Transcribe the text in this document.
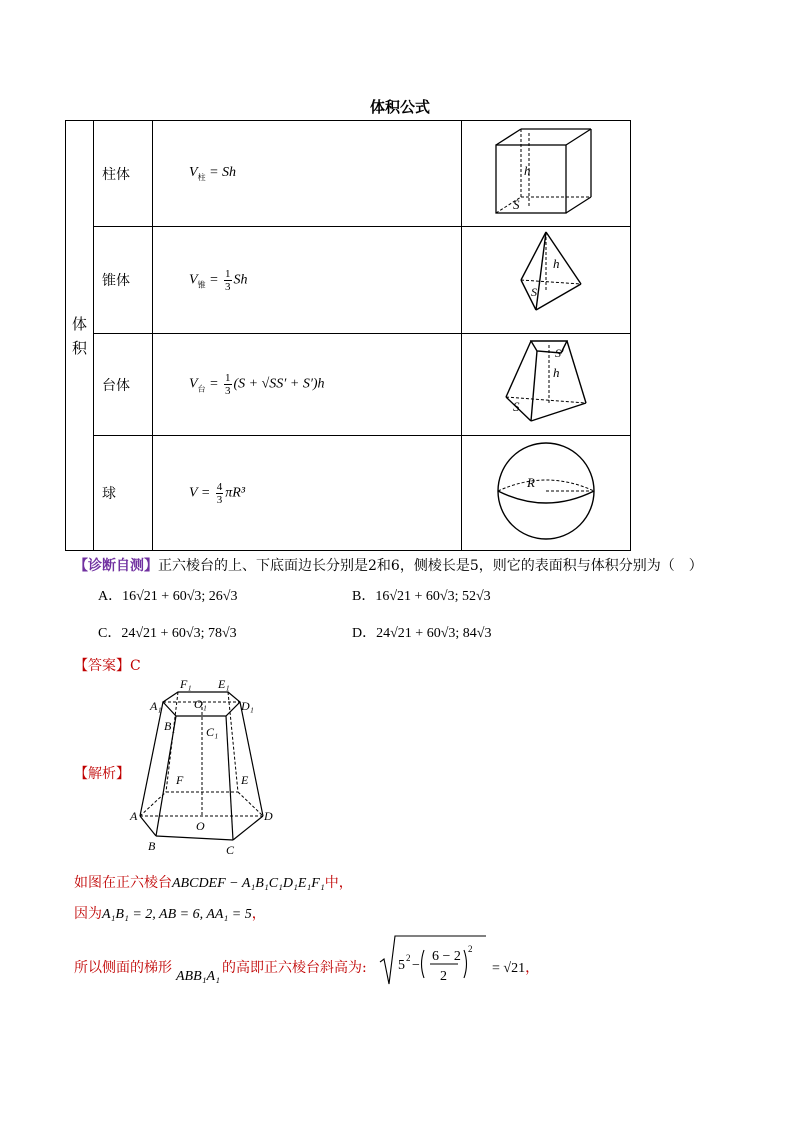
体积公式
体
积	柱体	$V_柱 = Sh$	h
S

	锥体	$V_锥 = \frac{1}{3}$ Sh	h
S

	台体	$V_台 = \frac{1}{3} (S + √SS' + S')h$	S′
h
S

	球	$V = \frac{4}{3} \pi R^3$	R
【诊断自测】正六棱台的上、下底面边长分别是2和6，侧棱长是5，则它的表面积与体积分别为（　）
A．16√21 + 60√3; 26√3	B．16√21 + 60√3; 52√3
C．24√21 + 60√3; 78√3	D．24√21 + 60√3; 84√3
【答案】C
【解析】
F₁ E₁
A₁	O₁	D₁
B₁	C₁
F	E
A
O
D
B	C
如图在正六棱台ABCDEF − A₁B₁C₁D₁E₁F₁中，
因为A₁B₁ = 2, AB = 6, AA₁ = 5，
所以侧面的梯形
ABB₁A₁
的高即正六棱台斜高为: 5 2 −
6 − 2
2
2
= √21，
